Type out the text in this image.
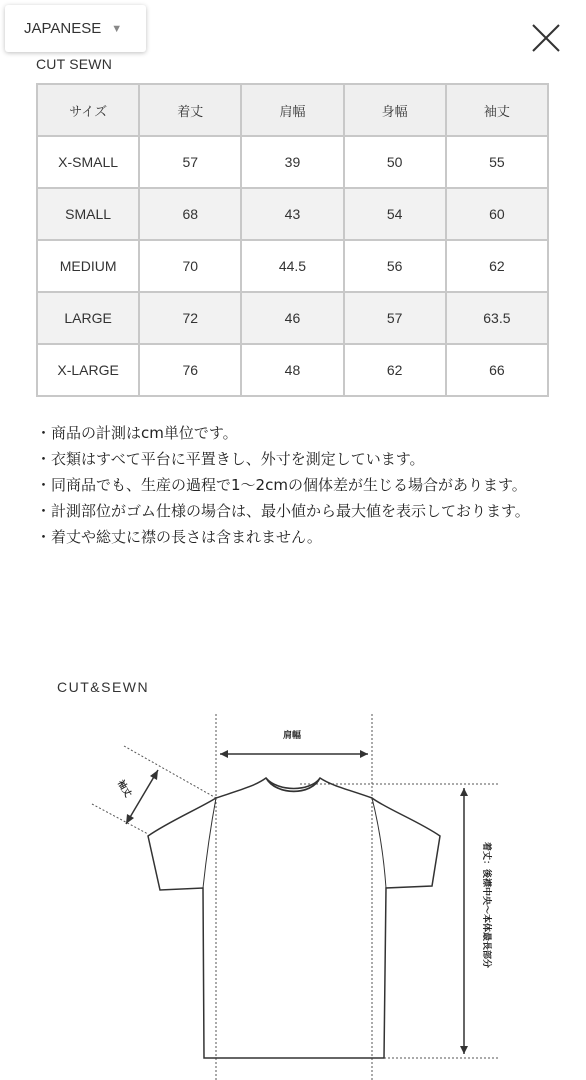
JAPANESE ▼
CUT SEWN
サイズ	着丈	肩幅	身幅	袖丈
X-SMALL	57	39	50	55
SMALL	68	43	54	60
MEDIUM	70	44.5	56	62
LARGE	72	46	57	63.5
X-LARGE	76	48	62	66

・商品の計測はcm単位です。

・衣類はすべて平台に平置きし、外寸を測定しています。

・同商品でも、生産の過程で1〜2cmの個体差が生じる場合があります。

・計測部位がゴム仕様の場合は、最小値から最大値を表示しております。

・着丈や総丈に襟の長さは含まれません。

CUT&SEWN
肩幅
袖丈
着丈：後襟中央〜本体最長部分
